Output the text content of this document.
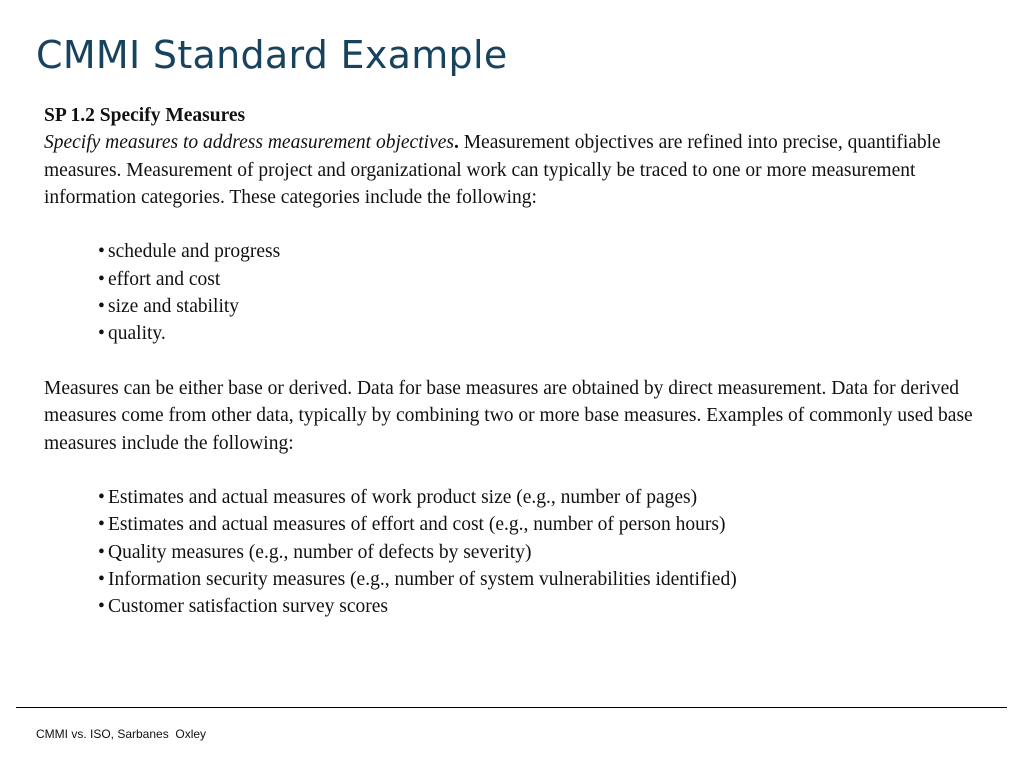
CMMI Standard Example

SP 1.2 Specify Measures

Specify measures to address measurement objectives. Measurement objectives are refined into precise, quantifiable measures. Measurement of project and organizational work can typically be traced to one or more measurement information categories. These categories include the following:

• schedule and progress
• effort and cost
• size and stability
• quality.

Measures can be either base or derived. Data for base measures are obtained by direct measurement. Data for derived measures come from other data, typically by combining two or more base measures. Examples of commonly used base measures include the following:

• Estimates and actual measures of work product size (e.g., number of pages)
• Estimates and actual measures of effort and cost (e.g., number of person hours)
• Quality measures (e.g., number of defects by severity)
• Information security measures (e.g., number of system vulnerabilities identified)
• Customer satisfaction survey scores
CMMI vs. ISO, Sarbanes  Oxley
